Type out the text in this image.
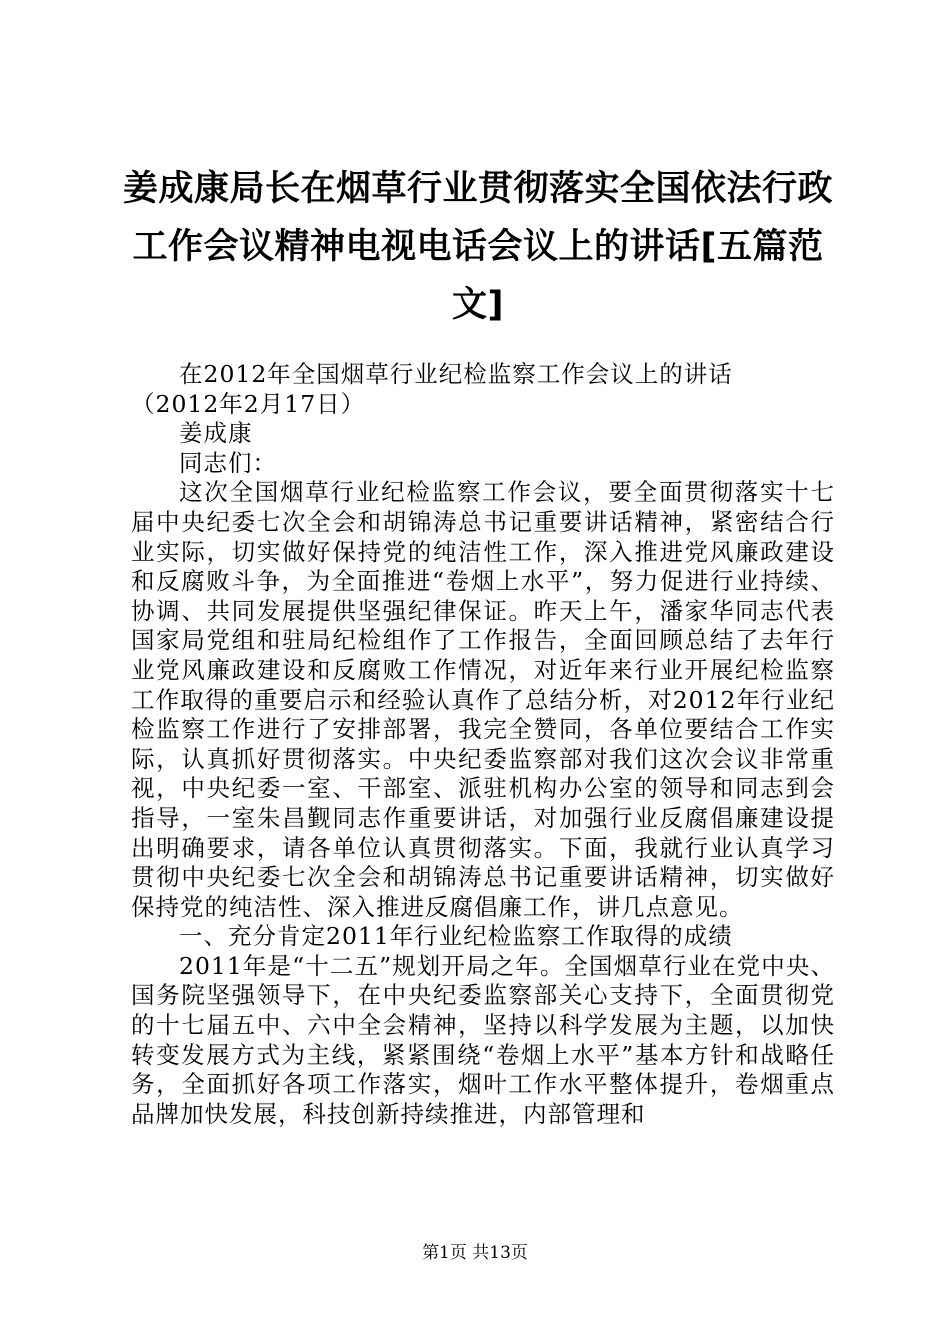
姜成康局长在烟草行业贯彻落实全国依法行政工作会议精神电视电话会议上的讲话[五篇范文]

在2012年全国烟草行业纪检监察工作会议上的讲话

（2012年2月17日）

姜成康

同志们：

这次全国烟草行业纪检监察工作会议，要全面贯彻落实十七届中央纪委七次全会和胡锦涛总书记重要讲话精神，紧密结合行业实际，切实做好保持党的纯洁性工作，深入推进党风廉政建设和反腐败斗争，为全面推进“卷烟上水平”，努力促进行业持续、协调、共同发展提供坚强纪律保证。昨天上午，潘家华同志代表国家局党组和驻局纪检组作了工作报告，全面回顾总结了去年行业党风廉政建设和反腐败工作情况，对近年来行业开展纪检监察工作取得的重要启示和经验认真作了总结分析，对2012年行业纪检监察工作进行了安排部署，我完全赞同，各单位要结合工作实际，认真抓好贯彻落实。中央纪委监察部对我们这次会议非常重视，中央纪委一室、干部室、派驻机构办公室的领导和同志到会指导，一室朱昌觐同志作重要讲话，对加强行业反腐倡廉建设提出明确要求，请各单位认真贯彻落实。下面，我就行业认真学习贯彻中央纪委七次全会和胡锦涛总书记重要讲话精神，切实做好保持党的纯洁性、深入推进反腐倡廉工作，讲几点意见。

一、充分肯定2011年行业纪检监察工作取得的成绩

2011年是“十二五”规划开局之年。全国烟草行业在党中央、国务院坚强领导下，在中央纪委监察部关心支持下，全面贯彻党的十七届五中、六中全会精神，坚持以科学发展为主题，以加快转变发展方式为主线，紧紧围绕“卷烟上水平”基本方针和战略任务，全面抓好各项工作落实，烟叶工作水平整体提升，卷烟重点品牌加快发展，科技创新持续推进，内部管理和

第1页 共13页
